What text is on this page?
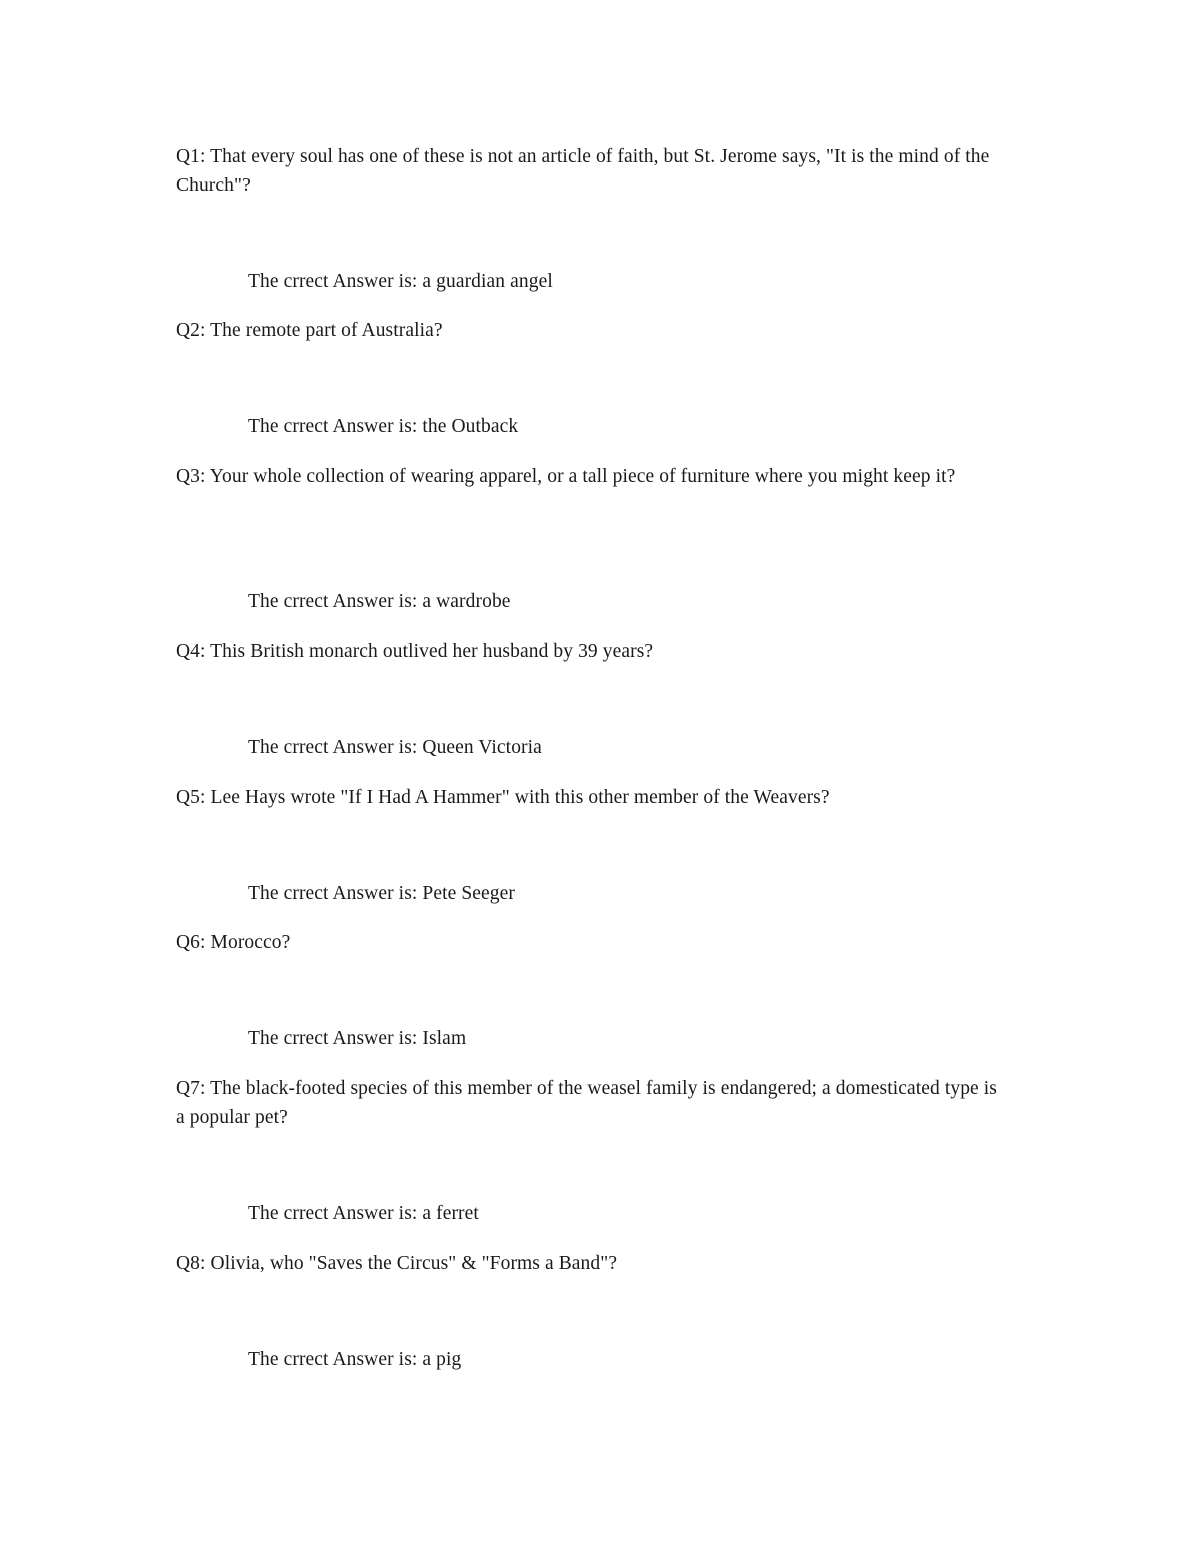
Q1: That every soul has one of these is not an article of faith, but St. Jerome says, "It is the mind of the Church"?

The crrect Answer is: a guardian angel

Q2: The remote part of Australia?

The crrect Answer is: the Outback

Q3: Your whole collection of wearing apparel, or a tall piece of furniture where you might keep it?

The crrect Answer is: a wardrobe

Q4: This British monarch outlived her husband by 39 years?

The crrect Answer is: Queen Victoria

Q5: Lee Hays wrote "If I Had A Hammer" with this other member of the Weavers?

The crrect Answer is: Pete Seeger

Q6: Morocco?

The crrect Answer is: Islam

Q7: The black-footed species of this member of the weasel family is endangered; a domesticated type is a popular pet?

The crrect Answer is: a ferret

Q8: Olivia, who "Saves the Circus" & "Forms a Band"?

The crrect Answer is: a pig
